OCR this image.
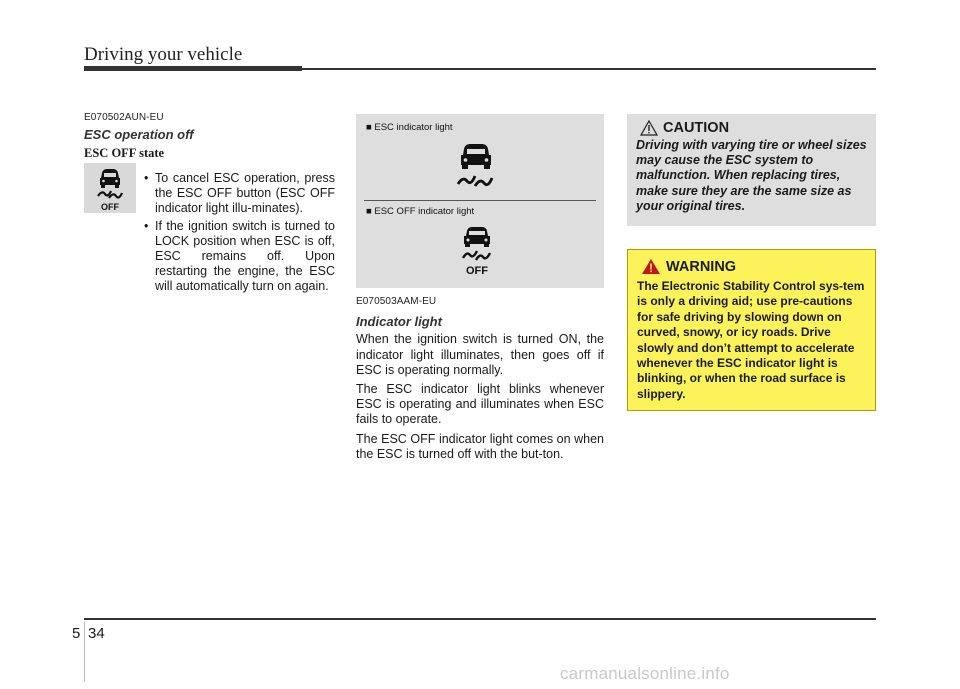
Driving your vehicle
E070502AUN-EU
ESC operation off
ESC OFF state
OFF
• To cancel ESC operation, press the ESC OFF button (ESC OFF indicator light illu-minates).
• If the ignition switch is turned to LOCK position when ESC is off, ESC remains off. Upon restarting the engine, the ESC will automatically turn on again.
■ ESC indicator light
■ ESC OFF indicator light
OFF
E070503AAM-EU
Indicator light

When the ignition switch is turned ON, the indicator light illuminates, then goes off if ESC is operating normally.

The ESC indicator light blinks whenever ESC is operating and illuminates when ESC fails to operate.

The ESC OFF indicator light comes on when the ESC is turned off with the but-ton.

CAUTION
Driving with varying tire or wheel sizes may cause the ESC system to malfunction. When replacing tires, make sure they are the same size as your original tires.
WARNING
The Electronic Stability Control sys-tem is only a driving aid; use pre-cautions for safe driving by slowing down on curved, snowy, or icy roads. Drive slowly and don’t attempt to accelerate whenever the ESC indicator light is blinking, or when the road surface is slippery.
5 34
carmanualsonline.info
